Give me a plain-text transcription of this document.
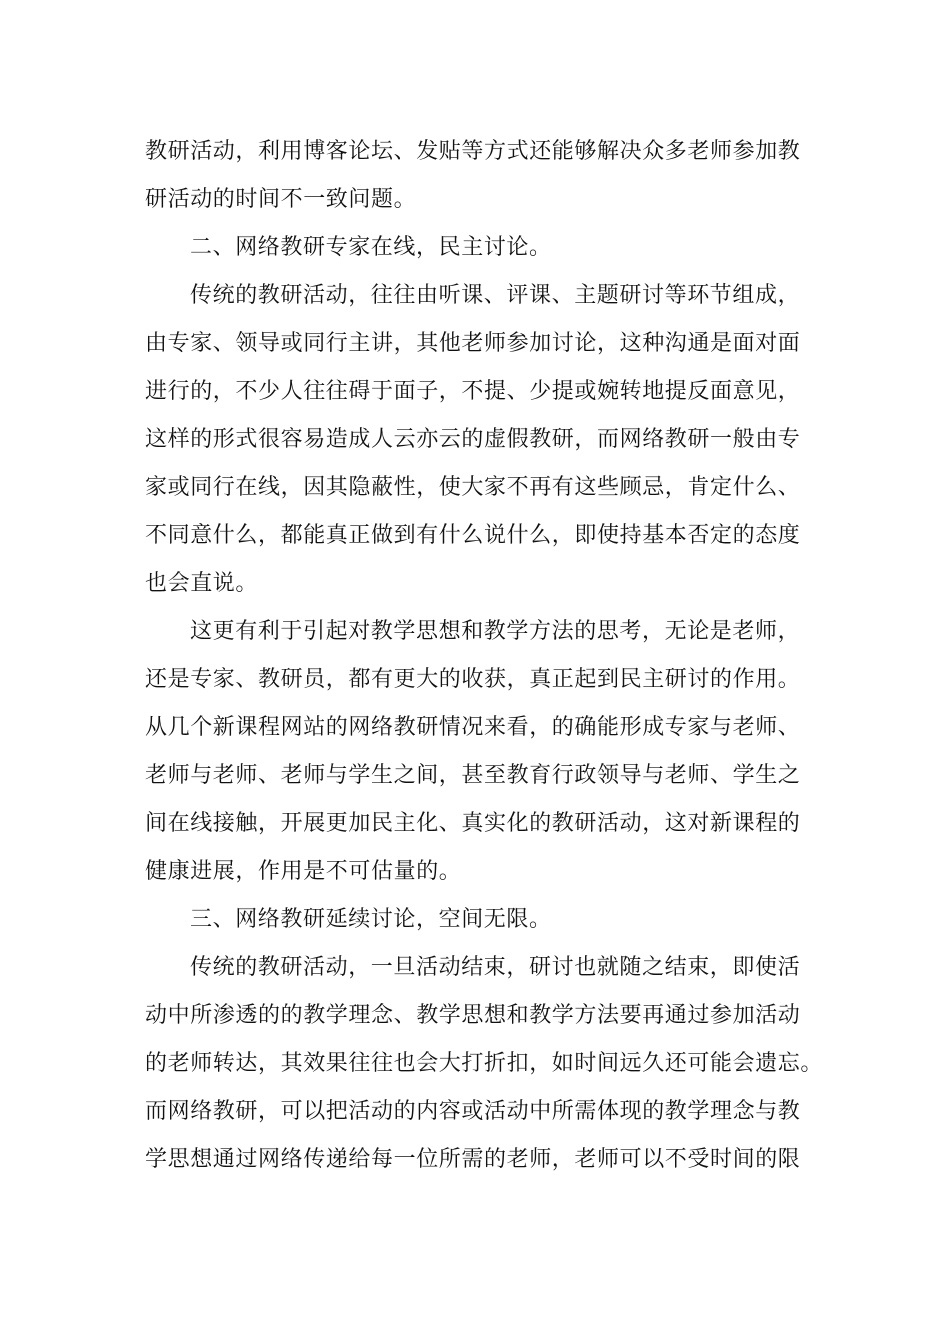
教研活动，利用博客论坛、发贴等方式还能够解决众多老师参加教
研活动的时间不一致问题。
二、网络教研专家在线，民主讨论。
传统的教研活动，往往由听课、评课、主题研讨等环节组成，
由专家、领导或同行主讲，其他老师参加讨论，这种沟通是面对面
进行的，不少人往往碍于面子，不提、少提或婉转地提反面意见，
这样的形式很容易造成人云亦云的虚假教研，而网络教研一般由专
家或同行在线，因其隐蔽性，使大家不再有这些顾忌，肯定什么、
不同意什么，都能真正做到有什么说什么，即使持基本否定的态度
也会直说。
这更有利于引起对教学思想和教学方法的思考，无论是老师，
还是专家、教研员，都有更大的收获，真正起到民主研讨的作用。
从几个新课程网站的网络教研情况来看，的确能形成专家与老师、
老师与老师、老师与学生之间，甚至教育行政领导与老师、学生之
间在线接触，开展更加民主化、真实化的教研活动，这对新课程的
健康进展，作用是不可估量的。
三、网络教研延续讨论，空间无限。
传统的教研活动，一旦活动结束，研讨也就随之结束，即使活
动中所渗透的的教学理念、教学思想和教学方法要再通过参加活动
的老师转达，其效果往往也会大打折扣，如时间远久还可能会遗忘。
而网络教研，可以把活动的内容或活动中所需体现的教学理念与教
学思想通过网络传递给每一位所需的老师，老师可以不受时间的限
